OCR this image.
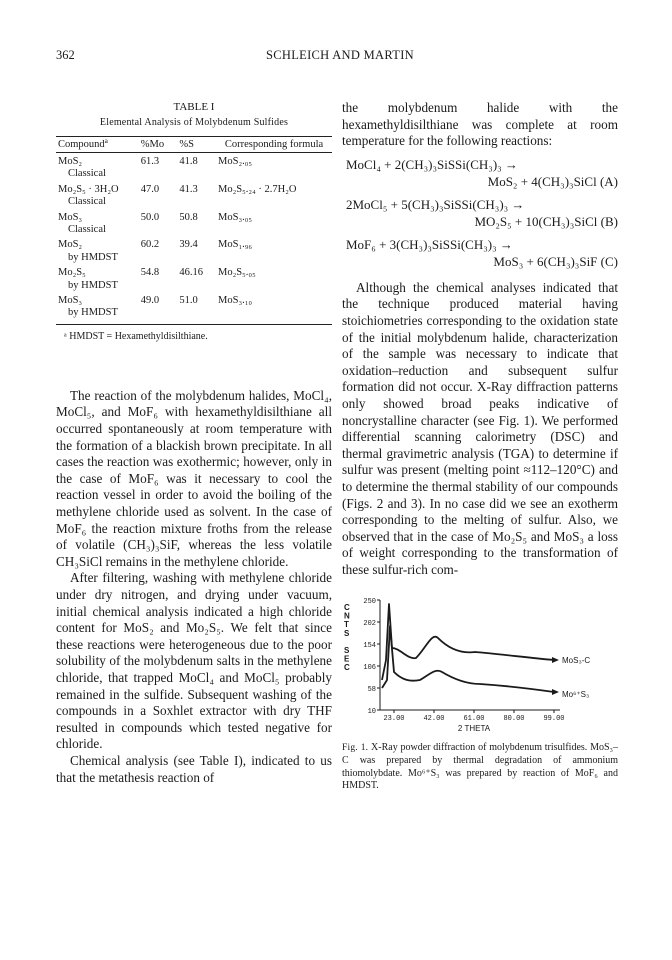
362	SCHLEICH AND MARTIN
TABLE I
Elemental Analysis of Molybdenum Sulfides
Compound$^a$	%Mo	%S	Corresponding formula
MoS₂
Classical	61.3	41.8	MoS₂.₀₅
Mo₂S₅ · 3H₂O
Classical	47.0	41.3	Mo₂S₅.₂₄ · 2.7H₂O
MoS₃
Classical	50.0	50.8	MoS₃.₀₅
MoS₂
by HMDST	60.2	39.4	MoS₁.₉₆
Mo₂S₅
by HMDST	54.8	46.16	Mo₂S₅.₀₅
MoS₃
by HMDST	49.0	51.0	MoS₃.₁₀
ᵃ HMDST = Hexamethyldisilthiane.

The reaction of the molybdenum halides, MoCl₄, MoCl₅, and MoF₆ with hexamethyldisilthiane all occurred spontaneously at room temperature with the formation of a blackish brown precipitate. In all cases the reaction was exothermic; however, only in the case of MoF₆ was it necessary to cool the reaction vessel in order to avoid the boiling of the methylene chloride used as solvent. In the case of MoF₆ the reaction mixture froths from the release of volatile (CH₃)₃SiF, whereas the less volatile CH₃SiCl remains in the methylene chloride.

After filtering, washing with methylene chloride under dry nitrogen, and drying under vacuum, initial chemical analysis indicated a high chloride content for MoS₂ and Mo₂S₅. We felt that since these reactions were heterogeneous due to the poor solubility of the molybdenum salts in the methylene chloride, that trapped MoCl₄ and MoCl₅ probably remained in the sulfide. Subsequent washing of the compounds in a Soxhlet extractor with dry THF resulted in compounds which tested negative for chloride.

Chemical analysis (see Table I), indicated to us that the metathesis reaction of

the molybdenum halide with the hexamethyldisilthiane was complete at room temperature for the following reactions:

MoCl₄ + 2(CH₃)₃SiSSi(CH₃)₃ →
MoS₂ + 4(CH₃)₃SiCl (A)
2MoCl₅ + 5(CH₃)₃SiSSi(CH₃)₃ →
MO₂S₅ + 10(CH₃)₃SiCl (B)
MoF₆ + 3(CH₃)₃SiSSi(CH₃)₃ →
MoS₃ + 6(CH₃)₃SiF (C)

Although the chemical analyses indicated that the technique produced material having stoichiometries corresponding to the oxidation state of the initial molybdenum halide, characterization of the sample was necessary to indicate that oxidation–reduction and subsequent sulfur formation did not occur. X-Ray diffraction patterns only showed broad peaks indicative of noncrystalline character (see Fig. 1). We performed differential scanning calorimetry (DSC) and thermal gravimetric analysis (TGA) to determine if sulfur was present (melting point ≈112–120°C) and to determine the thermal stability of our compounds (Figs. 2 and 3). In no case did we see an exotherm corresponding to the melting of sulfur. Also, we observed that in the case of Mo₂S₅ and MoS₃ a loss of weight corresponding to the transformation of these sulfur-rich com-

C
N
T
S
S
E
C
250
202
154
106
58
10
23.00	42.00	61.00	80.00	99.00
2 THETA
MoS₃-C
Mo⁶⁺S₃
Fig. 1. X-Ray powder diffraction of molybdenum trisulfides. MoS₃–C was prepared by thermal degradation of ammonium thiomolybdate. Mo⁶⁺S₃ was prepared by reaction of MoF₆ and HMDST.
